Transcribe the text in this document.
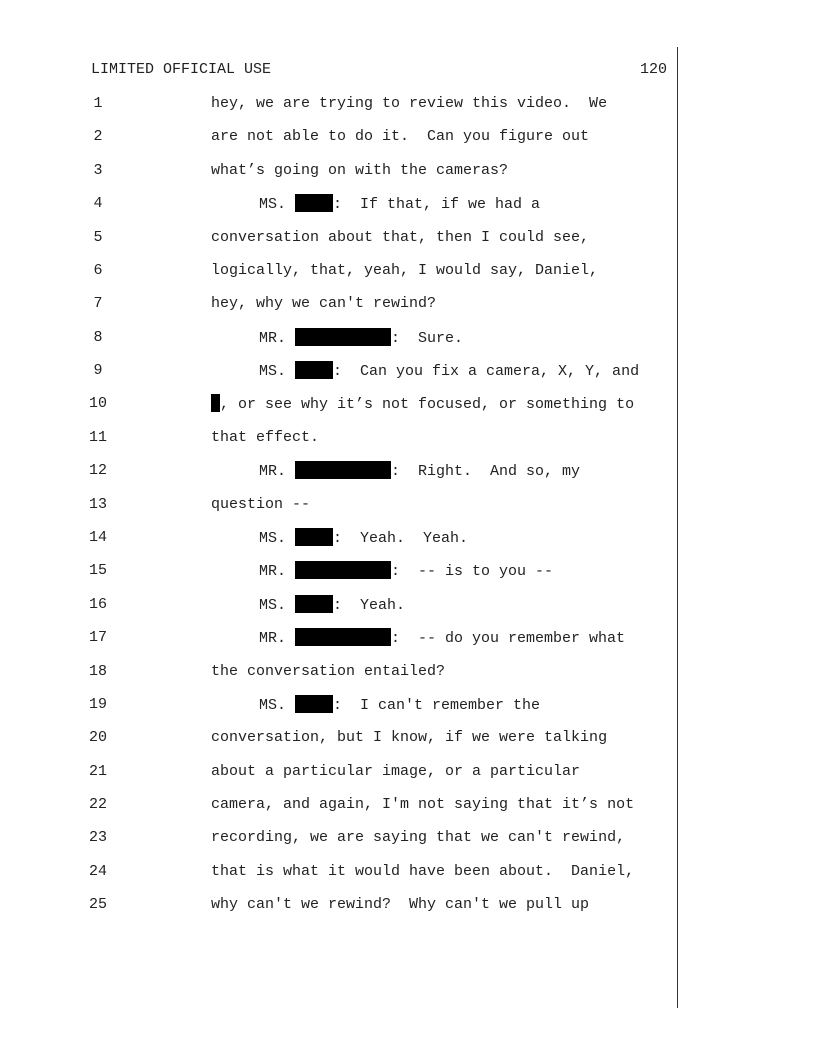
LIMITED OFFICIAL USE	120
1	hey, we are trying to review this video.  We
2	are not able to do it.  Can you figure out
3	what’s going on with the cameras?
4	MS.	:  If that, if we had a
5	conversation about that, then I could see,
6	logically, that, yeah, I would say, Daniel,
7	hey, why we can't rewind?
8	MR.	:  Sure.
9	MS.	:  Can you fix a camera, X, Y, and
10	, or see why it’s not focused, or something to
11	that effect.
12	MR.	:  Right.  And so, my
13	question --
14	MS.	:  Yeah.  Yeah.
15	MR.	:  -- is to you --
16	MS.	:  Yeah.
17	MR.	:  -- do you remember what
18	the conversation entailed?
19	MS.	:  I can't remember the
20	conversation, but I know, if we were talking
21	about a particular image, or a particular
22	camera, and again, I'm not saying that it’s not
23	recording, we are saying that we can't rewind,
24	that is what it would have been about.  Daniel,
25	why can't we rewind?  Why can't we pull up
